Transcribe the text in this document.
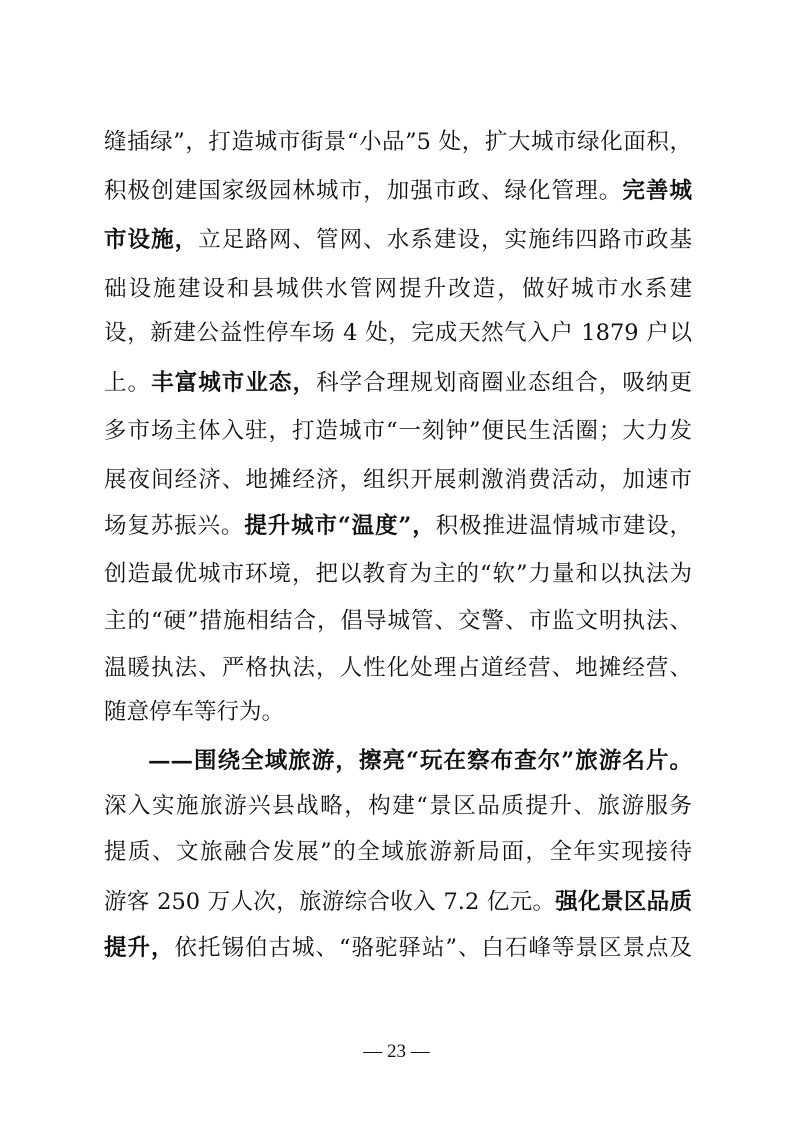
缝插绿”，打造城市街景“小品”5 处，扩大城市绿化面积，
积极创建国家级园林城市，加强市政、绿化管理。完善城
市设施，立足路网、管网、水系建设，实施纬四路市政基
础设施建设和县城供水管网提升改造，做好城市水系建
设，新建公益性停车场 4 处，完成天然气入户 1879 户以
上。丰富城市业态，科学合理规划商圈业态组合，吸纳更
多市场主体入驻，打造城市“一刻钟”便民生活圈；大力发
展夜间经济、地摊经济，组织开展刺激消费活动，加速市
场复苏振兴。提升城市“温度”，积极推进温情城市建设，
创造最优城市环境，把以教育为主的“软”力量和以执法为
主的“硬”措施相结合，倡导城管、交警、市监文明执法、
温暖执法、严格执法，人性化处理占道经营、地摊经营、
随意停车等行为。
——围绕全域旅游，擦亮“玩在察布查尔”旅游名片。
深入实施旅游兴县战略，构建“景区品质提升、旅游服务
提质、文旅融合发展”的全域旅游新局面，全年实现接待
游客 250 万人次，旅游综合收入 7.2 亿元。强化景区品质
提升，依托锡伯古城、“骆驼驿站”、白石峰等景区景点及
— 23 —
